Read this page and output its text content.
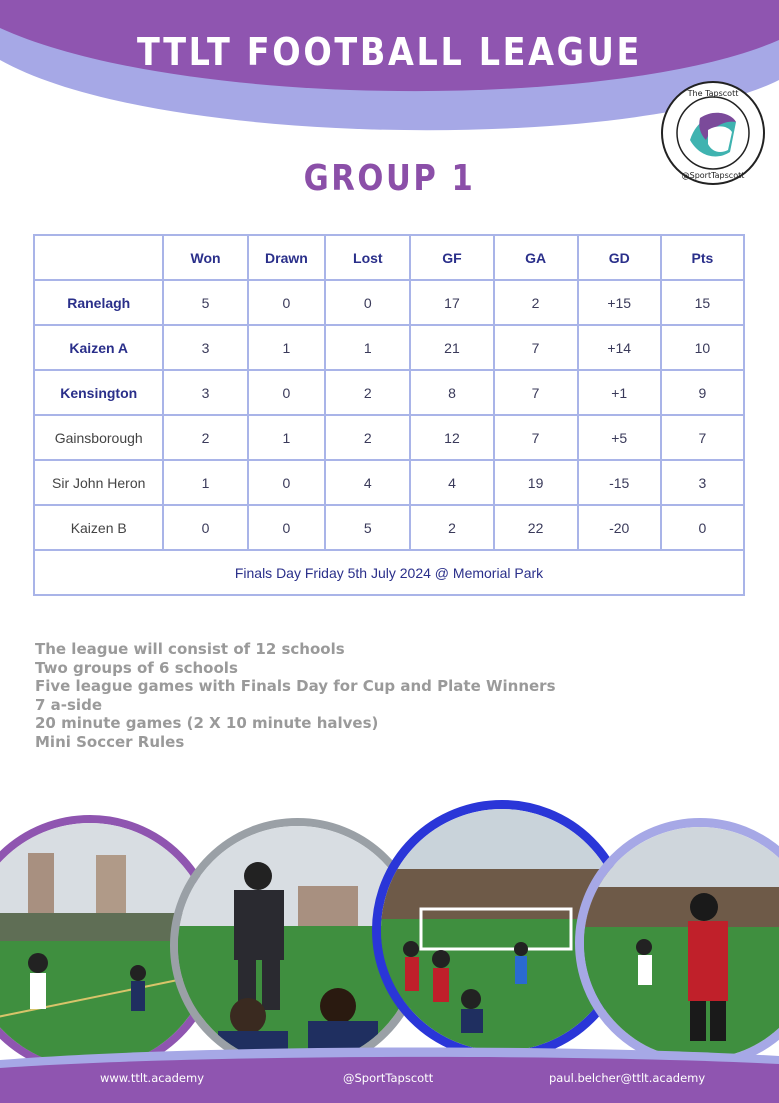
TTLT FOOTBALL LEAGUE
The Tapscott
@SportTapscott
GROUP 1
	Won	Drawn	Lost	GF	GA	GD	Pts
Ranelagh	5	0	0	17	2	+15	15
Kaizen A	3	1	1	21	7	+14	10
Kensington	3	0	2	8	7	+1	9
Gainsborough	2	1	2	12	7	+5	7
Sir John Heron	1	0	4	4	19	-15	3
Kaizen B	0	0	5	2	22	-20	0
Finals Day Friday 5th July 2024 @ Memorial Park							
The league will consist of 12 schools
Two groups of 6 schools
Five league games with Finals Day for Cup and Plate Winners
7 a-side
20 minute games (2 X 10 minute halves)
Mini Soccer Rules
www.ttlt.academy	@SportTapscott	paul.belcher@ttlt.academy
